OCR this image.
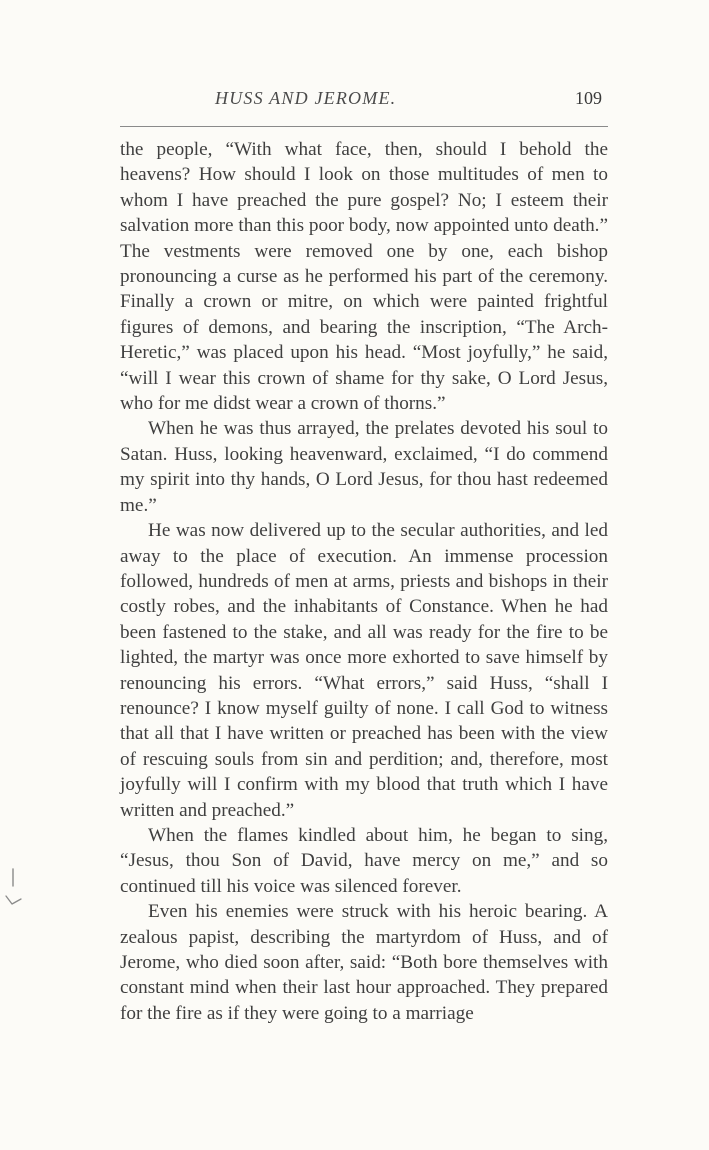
HUSS AND JEROME.	109

the people, “With what face, then, should I behold the heavens? How should I look on those multitudes of men to whom I have preached the pure gospel? No; I esteem their salvation more than this poor body, now appointed unto death.” The vestments were removed one by one, each bishop pronouncing a curse as he performed his part of the ceremony. Finally a crown or mitre, on which were painted frightful figures of demons, and bearing the inscription, “The Arch-Heretic,” was placed upon his head. “Most joyfully,” he said, “will I wear this crown of shame for thy sake, O Lord Jesus, who for me didst wear a crown of thorns.”

When he was thus arrayed, the prelates devoted his soul to Satan. Huss, looking heavenward, exclaimed, “I do commend my spirit into thy hands, O Lord Jesus, for thou hast redeemed me.”

He was now delivered up to the secular authorities, and led away to the place of execution. An immense procession followed, hundreds of men at arms, priests and bishops in their costly robes, and the inhabitants of Constance. When he had been fastened to the stake, and all was ready for the fire to be lighted, the martyr was once more exhorted to save himself by renouncing his errors. “What errors,” said Huss, “shall I renounce? I know myself guilty of none. I call God to witness that all that I have written or preached has been with the view of rescuing souls from sin and perdition; and, therefore, most joyfully will I confirm with my blood that truth which I have written and preached.”

When the flames kindled about him, he began to sing, “Jesus, thou Son of David, have mercy on me,” and so continued till his voice was silenced forever.

Even his enemies were struck with his heroic bearing. A zealous papist, describing the martyrdom of Huss, and of Jerome, who died soon after, said: “Both bore themselves with constant mind when their last hour approached. They prepared for the fire as if they were going to a marriage
